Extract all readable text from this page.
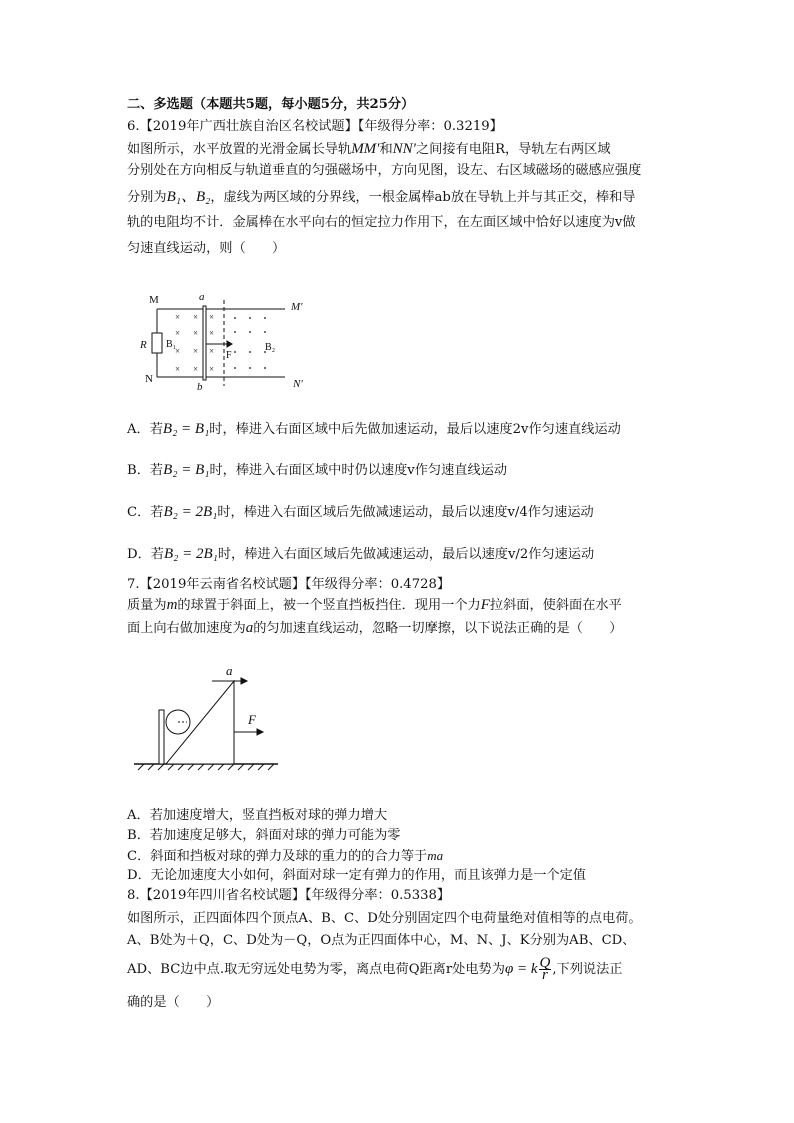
二、多选题（本题共5题，每小题5分，共25分）
6.【2019年广西壮族自治区名校试题】【年级得分率：0.3219】
如图所示，水平放置的光滑金属长导轨MM′和NN′之间接有电阻R，导轨左右两区域
分别处在方向相反与轨道垂直的匀强磁场中，方向见图，设左、右区域磁场的磁感应强度
分别为B₁、B₂，虚线为两区域的分界线，一根金属棒ab放在导轨上并与其正交，棒和导
轨的电阻均不计．金属棒在水平向右的恒定拉力作用下，在左面区域中恰好以速度为v做
匀速直线运动，则（　　）
× × ×
× × ×
× × ×
× × ×
M	a
M′
R B₁
F
B₂
N
b	N′
A．若B₂ = B₁时，棒进入右面区域中后先做加速运动，最后以速度2v作匀速直线运动
B．若B₂ = B₁时，棒进入右面区域中时仍以速度v作匀速直线运动
C．若B₂ = 2B₁时，棒进入右面区域后先做减速运动，最后以速度v/4作匀速运动
D．若B₂ = 2B₁时，棒进入右面区域后先做减速运动，最后以速度v/2作匀速运动
7.【2019年云南省名校试题】【年级得分率：0.4728】
质量为m的球置于斜面上，被一个竖直挡板挡住．现用一个力F拉斜面，使斜面在水平
面上向右做加速度为a的匀加速直线运动，忽略一切摩擦，以下说法正确的是（　　）
a
F
A．若加速度增大，竖直挡板对球的弹力增大
B．若加速度足够大，斜面对球的弹力可能为零
C．斜面和挡板对球的弹力及球的重力的的合力等于ma
D．无论加速度大小如何，斜面对球一定有弹力的作用，而且该弹力是一个定值
8.【2019年四川省名校试题】【年级得分率：0.5338】
如图所示，正四面体四个顶点A、B、C、D处分别固定四个电荷量绝对值相等的点电荷。
A、B处为＋Q，C、D处为－Q，O点为正四面体中心，M、N、J、K分别为AB、CD、
AD、BC边中点.取无穷远处电势为零，离点电荷Q距离r处电势为φ = k $\frac{Q}{r}$ ,下列说法正
确的是（　　）
